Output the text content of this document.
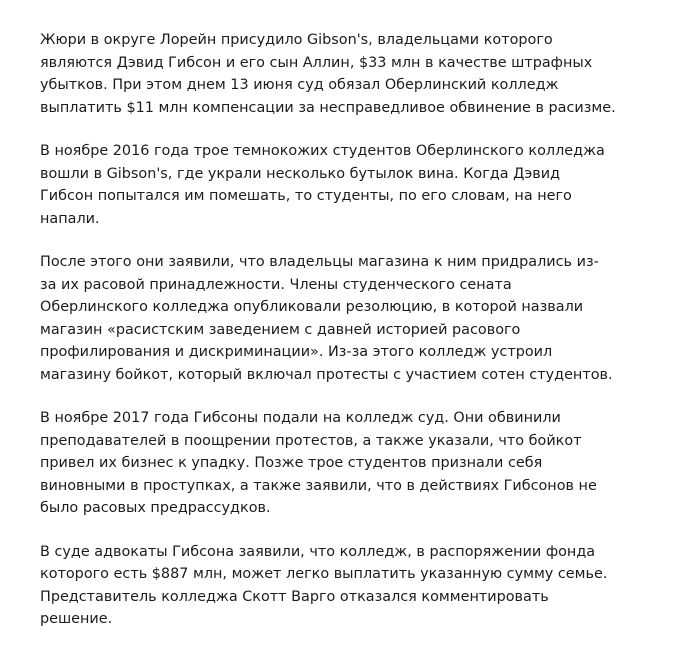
Жюри в округе Лорейн присудило Gibson's, владельцами которого
являются Дэвид Гибсон и его сын Аллин, $33 млн в качестве штрафных
убытков. При этом днем 13 июня суд обязал Оберлинский колледж
выплатить $11 млн компенсации за несправедливое обвинение в расизме.

В ноябре 2016 года трое темнокожих студентов Оберлинского колледжа
вошли в Gibson's, где украли несколько бутылок вина. Когда Дэвид
Гибсон попытался им помешать, то студенты, по его словам, на него
напали.

После этого они заявили, что владельцы магазина к ним придрались из-
за их расовой принадлежности. Члены студенческого сената
Оберлинского колледжа опубликовали резолюцию, в которой назвали
магазин «расистским заведением с давней историей расового
профилирования и дискриминации». Из-за этого колледж устроил
магазину бойкот, который включал протесты с участием сотен студентов.

В ноябре 2017 года Гибсоны подали на колледж суд. Они обвинили
преподавателей в поощрении протестов, а также указали, что бойкот
привел их бизнес к упадку. Позже трое студентов признали себя
виновными в проступках, а также заявили, что в действиях Гибсонов не
было расовых предрассудков.

В суде адвокаты Гибсона заявили, что колледж, в распоряжении фонда
которого есть $887 млн, может легко выплатить указанную сумму семье.
Представитель колледжа Скотт Варго отказался комментировать
решение.
